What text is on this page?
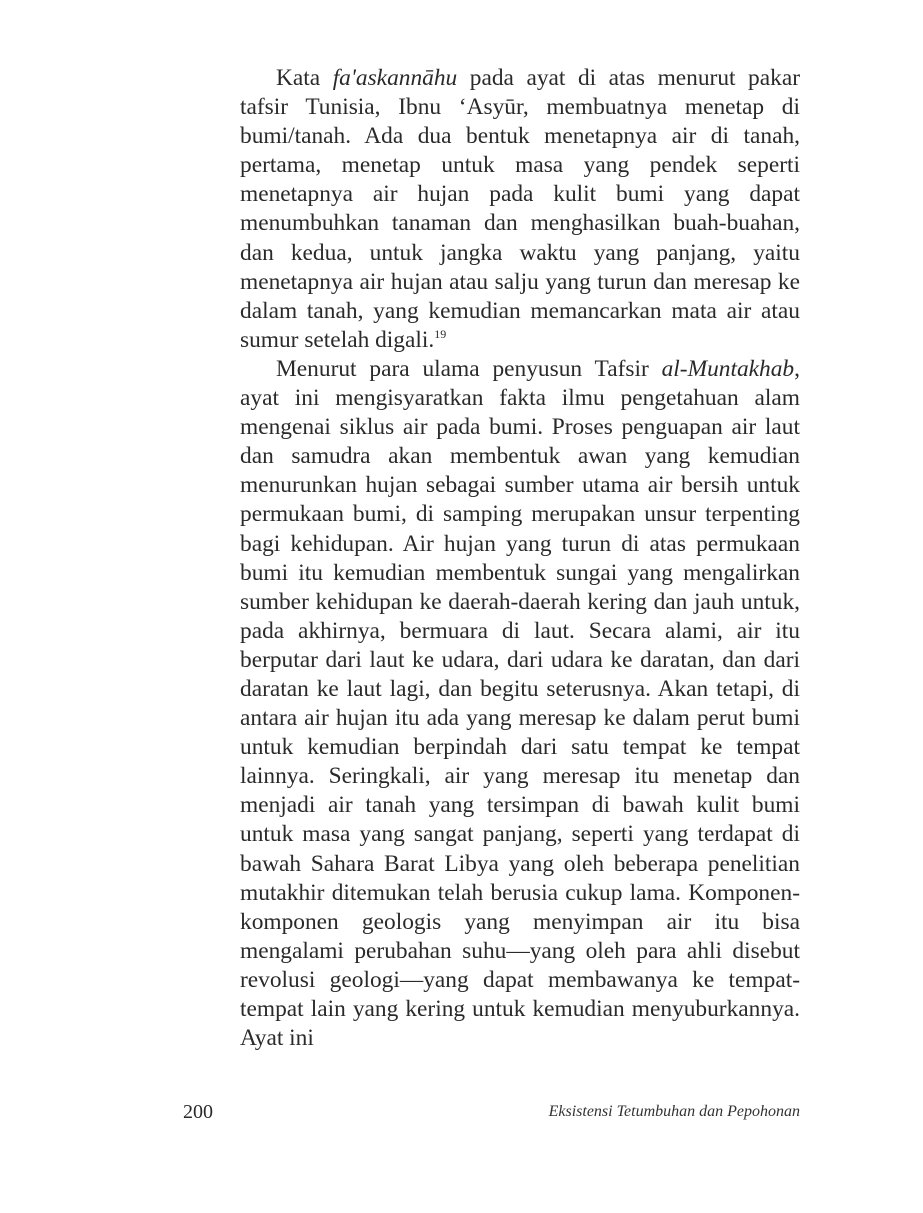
Kata fa'askannāhu pada ayat di atas menurut pakar tafsir Tunisia, Ibnu ‘Asyūr, membuatnya menetap di bumi/tanah. Ada dua bentuk menetapnya air di tanah, pertama, menetap untuk masa yang pendek seperti menetapnya air hujan pada kulit bumi yang dapat menumbuhkan tanaman dan menghasilkan buah-buahan, dan kedua, untuk jangka waktu yang panjang, yaitu menetapnya air hujan atau salju yang turun dan meresap ke dalam tanah, yang kemudian memancarkan mata air atau sumur setelah digali.$^{19}$

Menurut para ulama penyusun Tafsir al-Muntakhab, ayat ini mengisyaratkan fakta ilmu pengetahuan alam mengenai siklus air pada bumi. Proses penguapan air laut dan samudra akan membentuk awan yang kemudian menurunkan hujan sebagai sumber utama air bersih untuk permukaan bumi, di samping merupakan unsur terpenting bagi kehidupan. Air hujan yang turun di atas permukaan bumi itu kemudian membentuk sungai yang mengalirkan sumber kehidupan ke daerah-daerah kering dan jauh untuk, pada akhirnya, bermuara di laut. Secara alami, air itu berputar dari laut ke udara, dari udara ke daratan, dan dari daratan ke laut lagi, dan begitu seterusnya. Akan tetapi, di antara air hujan itu ada yang meresap ke dalam perut bumi untuk kemudian berpindah dari satu tempat ke tempat lainnya. Seringkali, air yang meresap itu menetap dan menjadi air tanah yang tersimpan di bawah kulit bumi untuk masa yang sangat panjang, seperti yang terdapat di bawah Sahara Barat Libya yang oleh beberapa penelitian mutakhir ditemukan telah berusia cukup lama. Komponen-komponen geologis yang menyimpan air itu bisa mengalami perubahan suhu—yang oleh para ahli disebut revolusi geologi—yang dapat membawanya ke tempat-tempat lain yang kering untuk kemudian menyuburkannya. Ayat ini

200	Eksistensi Tetumbuhan dan Pepohonan
